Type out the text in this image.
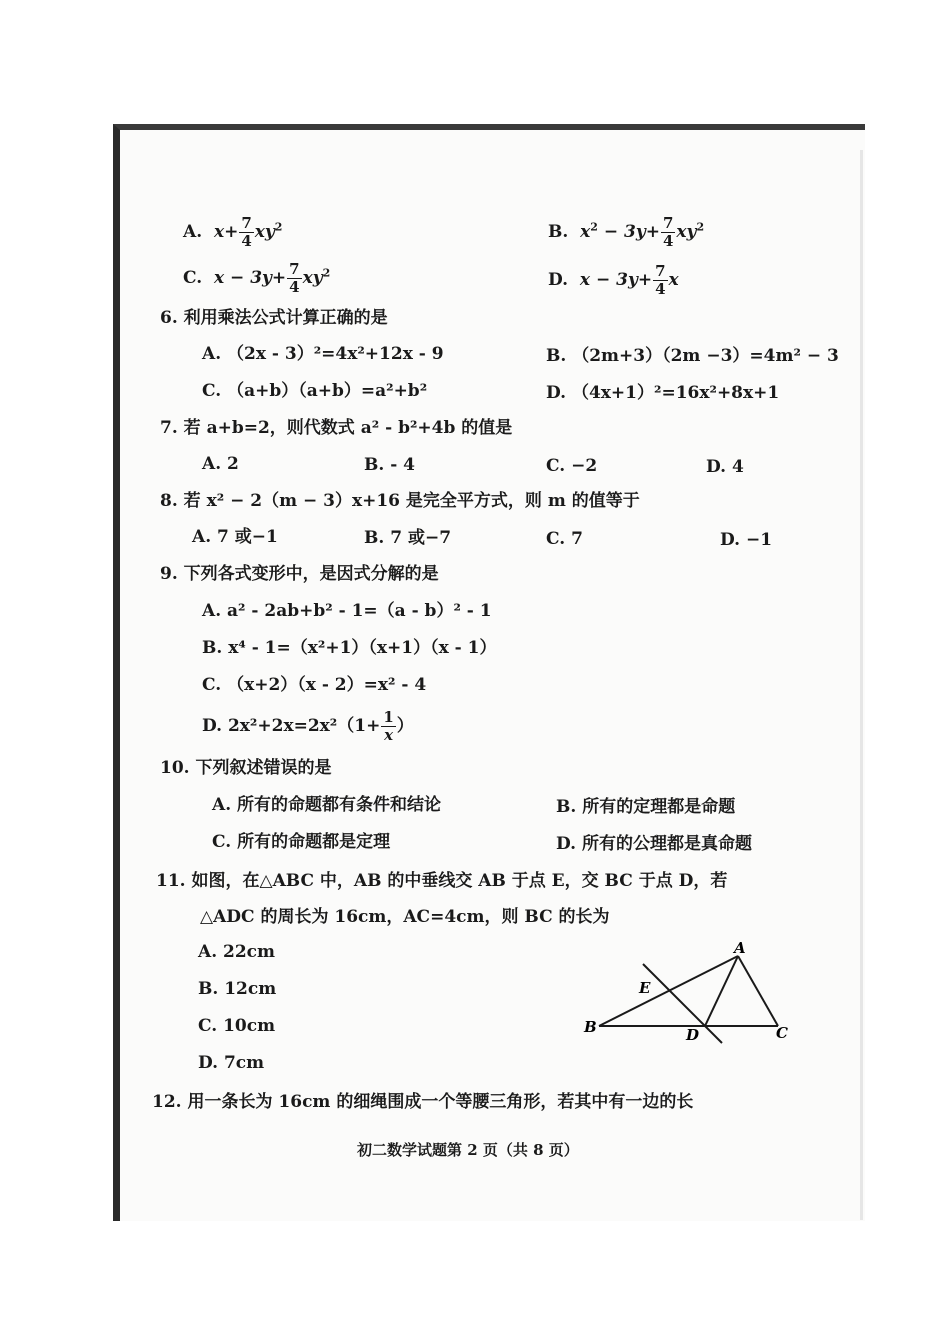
A. $x+ \frac{7}{4} xy^2$	B. $x^2 - 3y+ \frac{7}{4} xy^2$
C. $x - 3y+ \frac{7}{4} xy^2$	D. $x - 3y+ \frac{7}{4}$ x
6. 利用乘法公式计算正确的是
A. （2x - 3）²=4x²+12x - 9	B. （2m+3）（2m −3）=4m² − 3
C. （a+b）（a+b）=a²+b²	D. （4x+1）²=16x²+8x+1
7. 若 a+b=2，则代数式 a² - b²+4b 的值是
A. 2	B. - 4	C. −2	D. 4
8. 若 x² − 2（m − 3）x+16 是完全平方式，则 m 的值等于
A. 7 或−1	B. 7 或−7	C. 7	D. −1
9. 下列各式变形中，是因式分解的是
A. a² - 2ab+b² - 1=（a - b）² - 1
B. x⁴ - 1=（x²+1）（x+1）（x - 1）
C. （x+2）（x - 2）=x² - 4
D. $2x^2+2x=2x^2(1+ \frac{1}{x}$ ）
10. 下列叙述错误的是
A. 所有的命题都有条件和结论	B. 所有的定理都是命题
C. 所有的命题都是定理	D. 所有的公理都是真命题
11. 如图，在△ABC 中，AB 的中垂线交 AB 于点 E，交 BC 于点 D，若
△ADC 的周长为 16cm，AC=4cm，则 BC 的长为
A. 22cm
B. 12cm
C. 10cm
D. 7cm
A
B	C
D
E
12. 用一条长为 16cm 的细绳围成一个等腰三角形，若其中有一边的长
初二数学试题第 2 页（共 8 页）
